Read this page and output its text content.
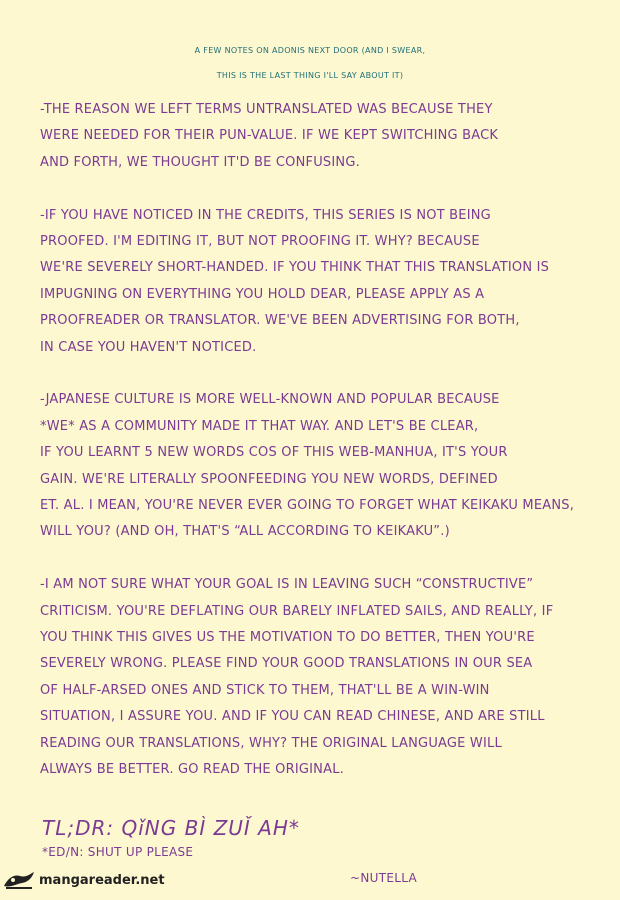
A FEW NOTES ON ADONIS NEXT DOOR (AND I SWEAR,
THIS IS THE LAST THING I'LL SAY ABOUT IT)
-THE REASON WE LEFT TERMS UNTRANSLATED WAS BECAUSE THEY
WERE NEEDED FOR THEIR PUN-VALUE. IF WE KEPT SWITCHING BACK
AND FORTH, WE THOUGHT IT'D BE CONFUSING.
-IF YOU HAVE NOTICED IN THE CREDITS, THIS SERIES IS NOT BEING
PROOFED. I'M EDITING IT, BUT NOT PROOFING IT. WHY? BECAUSE
WE'RE SEVERELY SHORT-HANDED. IF YOU THINK THAT THIS TRANSLATION IS
IMPUGNING ON EVERYTHING YOU HOLD DEAR, PLEASE APPLY AS A
PROOFREADER OR TRANSLATOR. WE'VE BEEN ADVERTISING FOR BOTH,
IN CASE YOU HAVEN'T NOTICED.
-JAPANESE CULTURE IS MORE WELL-KNOWN AND POPULAR BECAUSE
*WE* AS A COMMUNITY MADE IT THAT WAY. AND LET'S BE CLEAR,
IF YOU LEARNT 5 NEW WORDS COS OF THIS WEB-MANHUA, IT'S YOUR
GAIN. WE'RE LITERALLY SPOONFEEDING YOU NEW WORDS, DEFINED
ET. AL. I MEAN, YOU'RE NEVER EVER GOING TO FORGET WHAT KEIKAKU MEANS,
WILL YOU? (AND OH, THAT'S “ALL ACCORDING TO KEIKAKU”.)
-I AM NOT SURE WHAT YOUR GOAL IS IN LEAVING SUCH “CONSTRUCTIVE”
CRITICISM. YOU'RE DEFLATING OUR BARELY INFLATED SAILS, AND REALLY, IF
YOU THINK THIS GIVES US THE MOTIVATION TO DO BETTER, THEN YOU'RE
SEVERELY WRONG. PLEASE FIND YOUR GOOD TRANSLATIONS IN OUR SEA
OF HALF-ARSED ONES AND STICK TO THEM, THAT'LL BE A WIN-WIN
SITUATION, I ASSURE YOU. AND IF YOU CAN READ CHINESE, AND ARE STILL
READING OUR TRANSLATIONS, WHY? THE ORIGINAL LANGUAGE WILL
ALWAYS BE BETTER. GO READ THE ORIGINAL.
TL;DR: QǐNG BÌ ZUǏ AH*
*ED/N: SHUT UP PLEASE
~NUTELLA
mangareader.net
